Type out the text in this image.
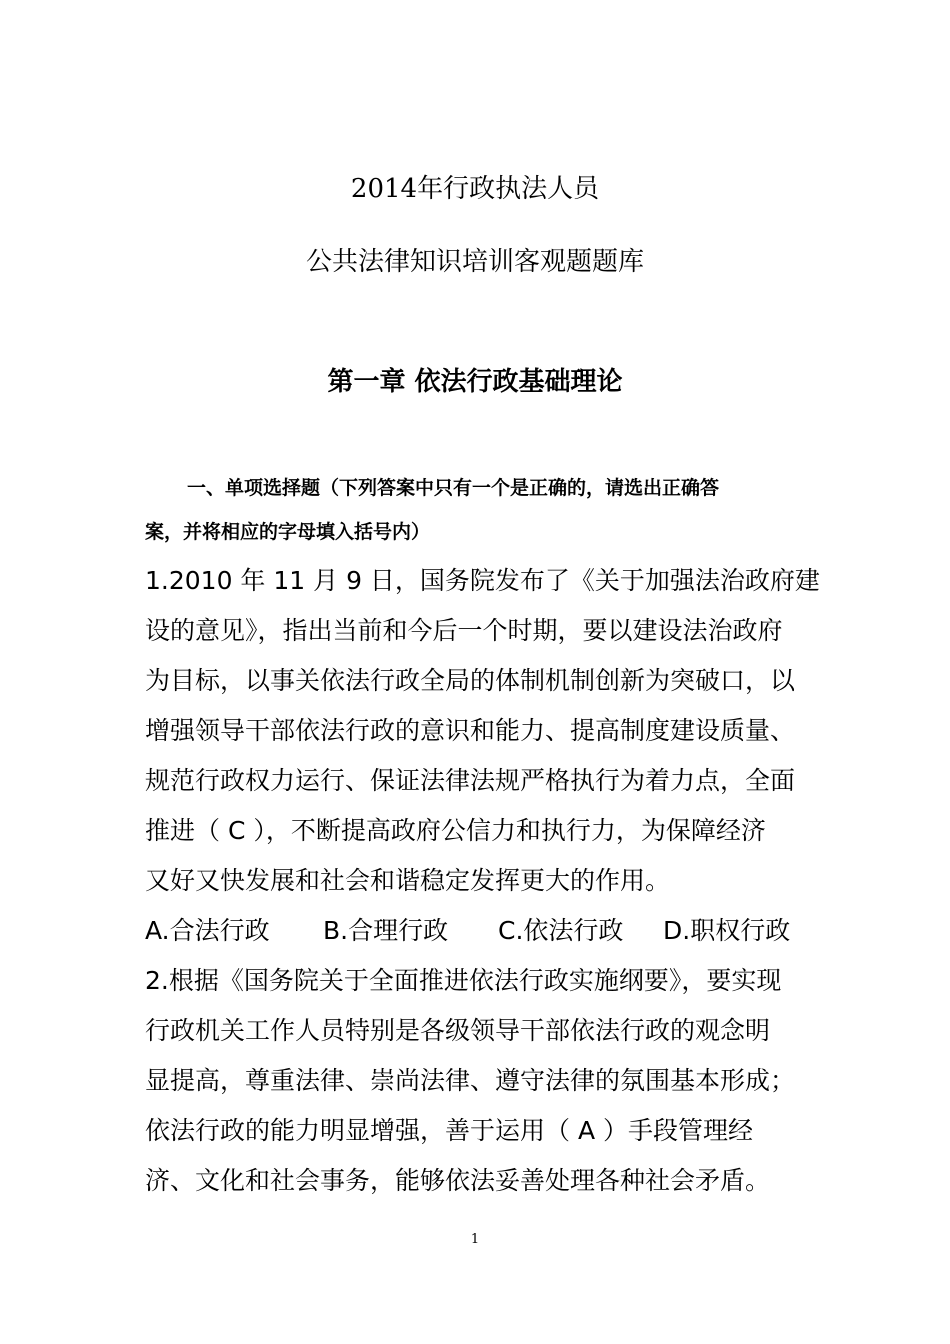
2014年行政执法人员
公共法律知识培训客观题题库
第一章 依法行政基础理论
一、单项选择题（下列答案中只有一个是正确的，请选出正确答
案，并将相应的字母填入括号内）
1.2010 年 11 月 9 日，国务院发布了《关于加强法治政府建
设的意见》，指出当前和今后一个时期，要以建设法治政府
为目标，以事关依法行政全局的体制机制创新为突破口，以
增强领导干部依法行政的意识和能力、提高制度建设质量、
规范行政权力运行、保证法律法规严格执行为着力点，全面
推进（ C ），不断提高政府公信力和执行力，为保障经济
又好又快发展和社会和谐稳定发挥更大的作用。
A.合法行政	B.合理行政	C.依法行政	D.职权行政
2.根据《国务院关于全面推进依法行政实施纲要》，要实现
行政机关工作人员特别是各级领导干部依法行政的观念明
显提高，尊重法律、崇尚法律、遵守法律的氛围基本形成；
依法行政的能力明显增强，善于运用（ A ）手段管理经
济、文化和社会事务，能够依法妥善处理各种社会矛盾。
1
